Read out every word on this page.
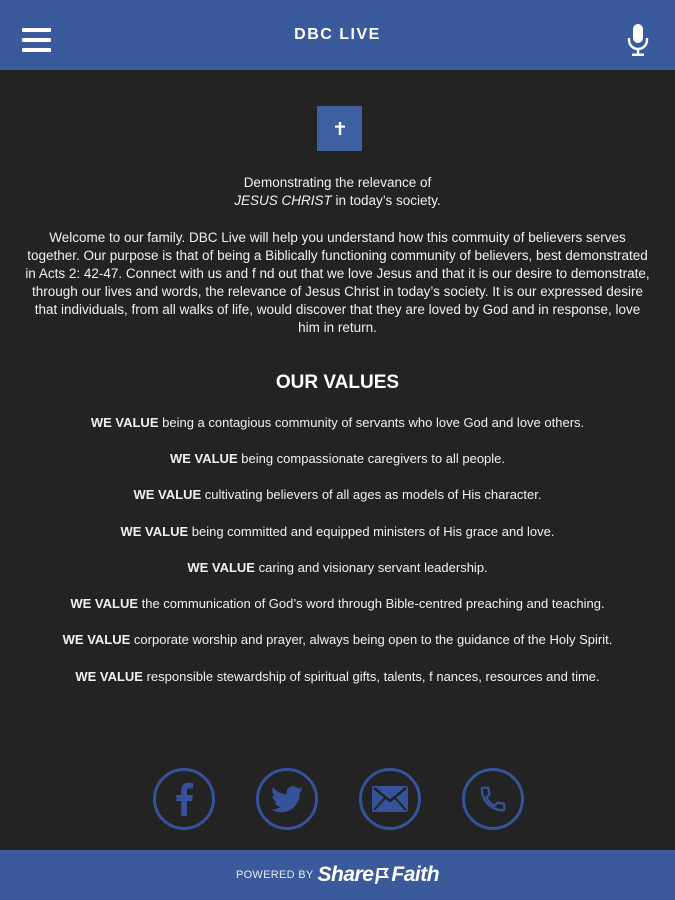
DBC LIVE
Demonstrating the relevance of
JESUS CHRIST in today’s society.
Welcome to our family. DBC Live will help you understand how this commuity of believers serves
together. Our purpose is that of being a Biblically functioning community of believers, best demonstrated
in Acts 2: 42-47. Connect with us and f nd out that we love Jesus and that it is our desire to demonstrate,
through our lives and words, the relevance of Jesus Christ in today’s society. It is our expressed desire
that individuals, from all walks of life, would discover that they are loved by God and in response, love
him in return.
OUR VALUES
WE VALUE being a contagious community of servants who love God and love others.
WE VALUE being compassionate caregivers to all people.
WE VALUE cultivating believers of all ages as models of His character.
WE VALUE being committed and equipped ministers of His grace and love.
WE VALUE caring and visionary servant leadership.
WE VALUE the communication of God’s word through Bible-centred preaching and teaching.
WE VALUE corporate worship and prayer, always being open to the guidance of the Holy Spirit.
WE VALUE responsible stewardship of spiritual gifts, talents, f nances, resources and time.
POWERED BY Share Faith
